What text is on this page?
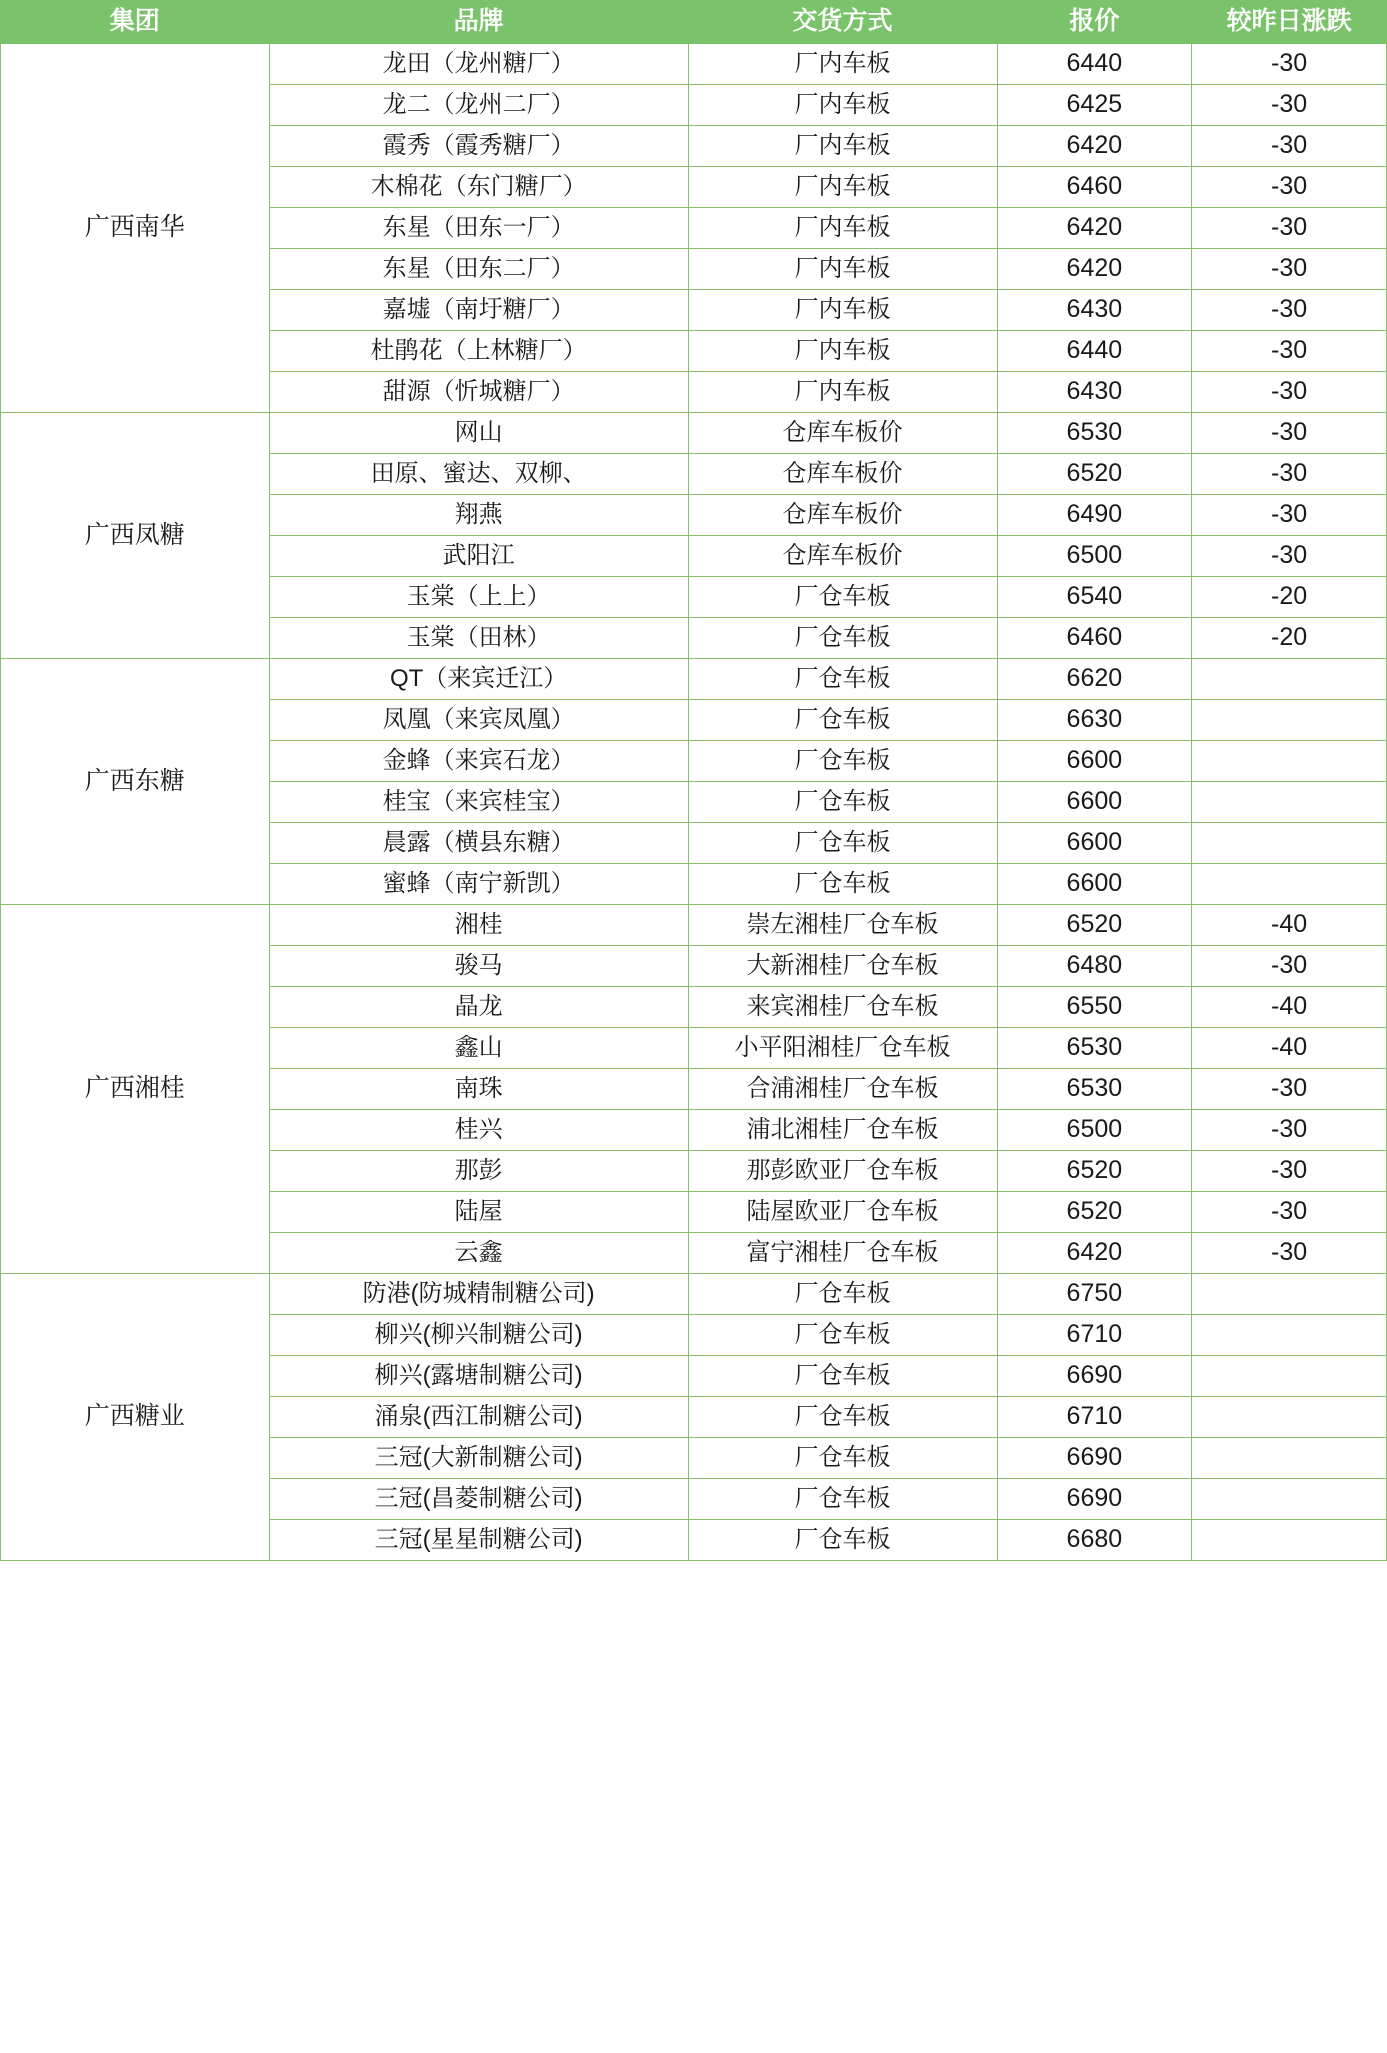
集团	品牌	交货方式	报价	较昨日涨跌
广西南华	龙田（龙州糖厂）	厂内车板	6440	-30
	龙二（龙州二厂）	厂内车板	6425	-30
	霞秀（霞秀糖厂）	厂内车板	6420	-30
	木棉花（东门糖厂）	厂内车板	6460	-30
	东星（田东一厂）	厂内车板	6420	-30
	东星（田东二厂）	厂内车板	6420	-30
	嘉墟（南圩糖厂）	厂内车板	6430	-30
	杜鹃花（上林糖厂）	厂内车板	6440	-30
	甜源（忻城糖厂）	厂内车板	6430	-30
广西凤糖	网山	仓库车板价	6530	-30
	田原、蜜达、双柳、	仓库车板价	6520	-30
	翔燕	仓库车板价	6490	-30
	武阳江	仓库车板价	6500	-30
	玉棠（上上）	厂仓车板	6540	-20
	玉棠（田林）	厂仓车板	6460	-20
广西东糖	QT（来宾迁江）	厂仓车板	6620	
	凤凰（来宾凤凰）	厂仓车板	6630	
	金蜂（来宾石龙）	厂仓车板	6600	
	桂宝（来宾桂宝）	厂仓车板	6600	
	晨露（横县东糖）	厂仓车板	6600	
	蜜蜂（南宁新凯）	厂仓车板	6600	
广西湘桂	湘桂	崇左湘桂厂仓车板	6520	-40
	骏马	大新湘桂厂仓车板	6480	-30
	晶龙	来宾湘桂厂仓车板	6550	-40
	鑫山	小平阳湘桂厂仓车板	6530	-40
	南珠	合浦湘桂厂仓车板	6530	-30
	桂兴	浦北湘桂厂仓车板	6500	-30
	那彭	那彭欧亚厂仓车板	6520	-30
	陆屋	陆屋欧亚厂仓车板	6520	-30
	云鑫	富宁湘桂厂仓车板	6420	-30
广西糖业	防港(防城精制糖公司)	厂仓车板	6750	
	柳兴(柳兴制糖公司)	厂仓车板	6710	
	柳兴(露塘制糖公司)	厂仓车板	6690	
	涌泉(西江制糖公司)	厂仓车板	6710	
	三冠(大新制糖公司)	厂仓车板	6690	
	三冠(昌菱制糖公司)	厂仓车板	6690	
	三冠(星星制糖公司)	厂仓车板	6680	
